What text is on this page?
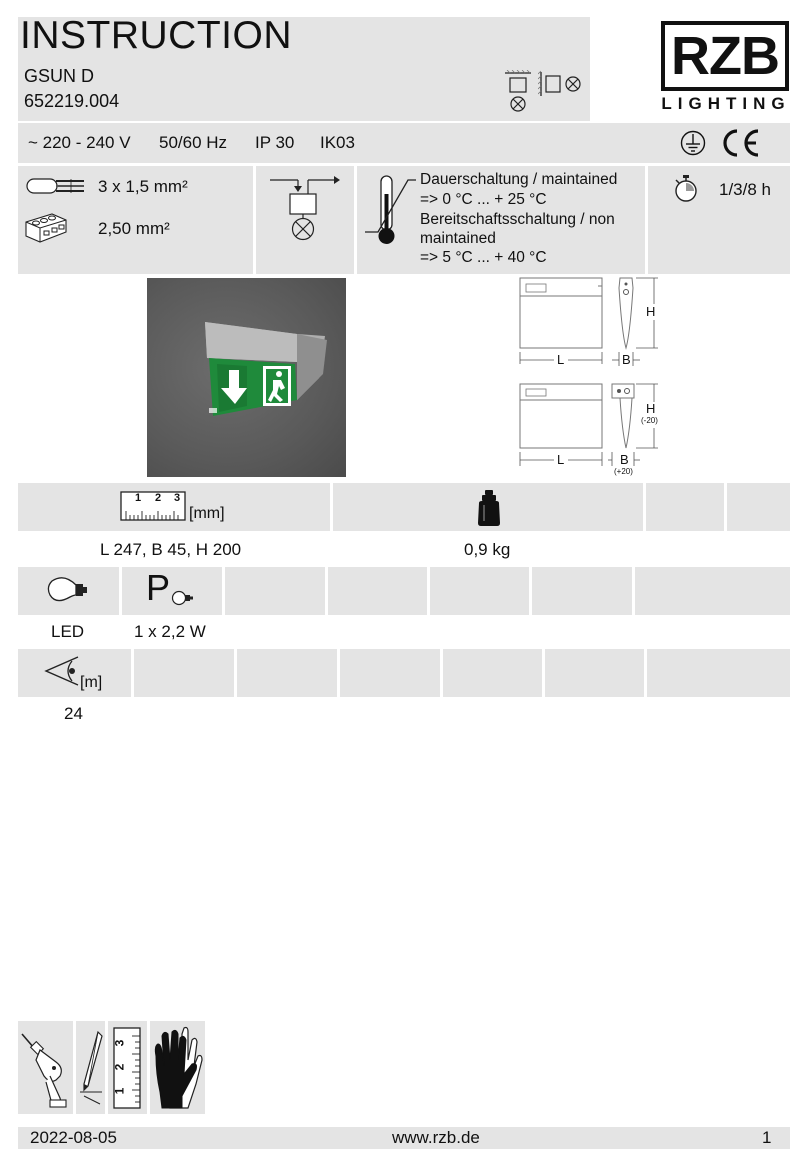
INSTRUCTION
GSUN D
652219.004
RZB
LIGHTING
~ 220 - 240 V 50/60 Hz IP 30 IK03
3 x 1,5 mm²
2,50 mm²
Dauerschaltung / maintained
=> 0 °C ... + 25 °C
Bereitschaftsschaltung / non
maintained
=> 5 °C ... + 40 °C
1/3/8 h
L
H
B
L
H
(-20)
B
(+20)
1 2 3
[mm]
L 247, B 45, H 200	0,9 kg
P
LED	1 x 2,2 W
[m]
24
3
2
1
2022-08-05	www.rzb.de	1
